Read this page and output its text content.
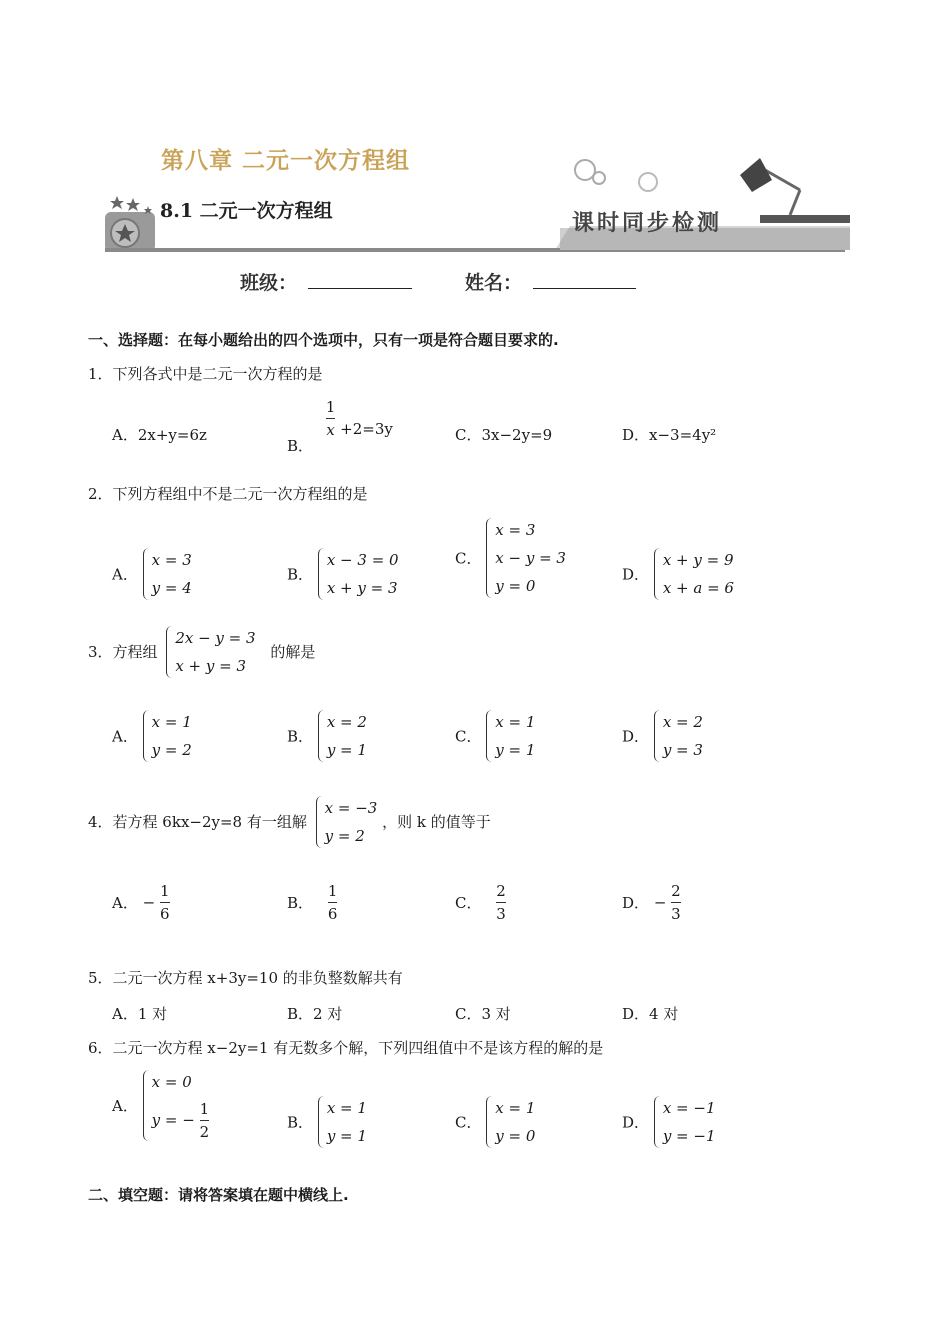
第八章 二元一次方程组
8.1 二元一次方程组	课时同步检测
班级：	姓名：
一、选择题：在每小题给出的四个选项中，只有一项是符合题目要求的.
1．下列各式中是二元一次方程的是
A．2x+y=6z
B．
$\frac{1}{x} +2=3y$	C．3x−2y=9	D．x−3=4y²
2．下列方程组中不是二元一次方程组的是
A．
x = 3
y = 4
B．
x − 3 = 0
x + y = 3
C．
x = 3
x − y = 3
y = 0
D．
x + y = 9
x + a = 6
3．方程组
2x − y = 3
x + y = 3
的解是
A．
x = 1
y = 2
B．
x = 2
y = 1
C．
x = 1
y = 1
D．
x = 2
y = 3
4．若方程 6kx−2y=8 有一组解
x = −3
y = 2
，则 k 的值等于
A． − $\frac{1}{6}$	B． $\frac{1}{6}$	C． $\frac{2}{3}$	D． − $\frac{2}{3}$
5．二元一次方程 x+3y=10 的非负整数解共有
A．1 对	B．2 对	C．3 对	D．4 对
6．二元一次方程 x−2y=1 有无数多个解，下列四组值中不是该方程的解的是
A．
x = 0
y = − $\frac{1}{2}$	B．
x = 1
y = 1
C．
x = 1
y = 0
D．
x = −1
y = −1
二、填空题：请将答案填在题中横线上.
